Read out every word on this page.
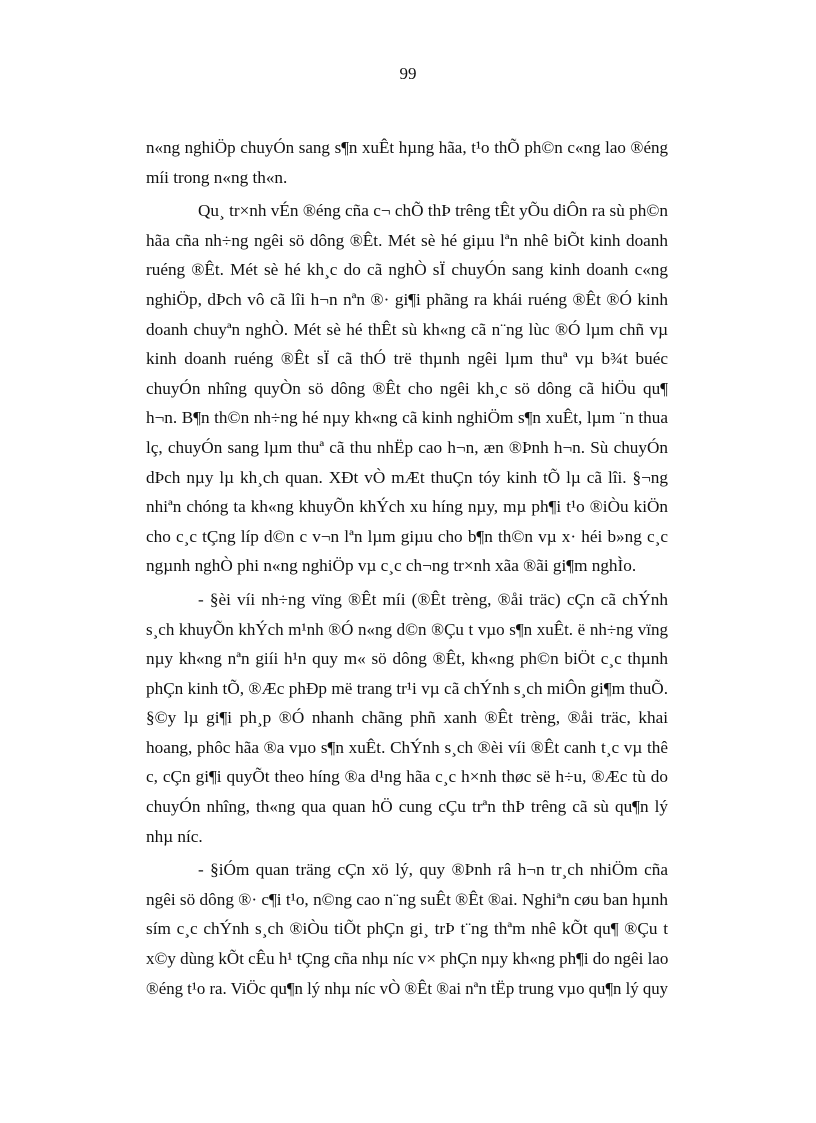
99
n«ng nghiÖp chuyÓn sang s¶n xuÊt hµng hãa, t¹o thÕ ph©n c«ng lao ®éng
míi trong n«ng th«n.
Qu¸ tr×nh vÉn ®éng cña c¬ chÕ thÞ trêng tÊt yÕu diÔn ra sù ph©n
hãa cña nh÷ng ngêi sö dông ®Êt. Mét sè hé giµu lªn nhê biÕt kinh doanh
ruéng ®Êt. Mét sè hé kh¸c do cã nghÒ sÏ chuyÓn sang kinh doanh c«ng
nghiÖp, dÞch vô cã lîi h¬n nªn ®· gi¶i phãng ra khái ruéng ®Êt ®Ó kinh
doanh chuyªn nghÒ. Mét sè hé thÊt sù kh«ng cã n¨ng lùc ®Ó lµm chñ vµ
kinh doanh ruéng ®Êt sÏ cã thÓ trë thµnh ngêi lµm thuª vµ b¾t buéc
chuyÓn nhîng quyÒn sö dông ®Êt cho ngêi kh¸c sö dông cã hiÖu qu¶
h¬n. B¶n th©n nh÷ng hé nµy kh«ng cã kinh nghiÖm s¶n xuÊt, lµm ¨n thua
lç, chuyÓn sang lµm thuª cã thu nhËp cao h¬n, æn ®Þnh h¬n. Sù chuyÓn
dÞch nµy lµ kh¸ch quan. XÐt vÒ mÆt thuÇn tóy kinh tÕ lµ cã lîi. §¬ng
nhiªn chóng ta kh«ng khuyÕn khÝch xu híng nµy, mµ ph¶i t¹o ®iÒu kiÖn
cho c¸c tÇng líp d©n c v¬n lªn lµm giµu cho b¶n th©n vµ x· héi b»ng c¸c
ngµnh nghÒ phi n«ng nghiÖp vµ c¸c ch¬ng tr×nh xãa ®ãi gi¶m nghÌo.
- §èi víi nh÷ng vïng ®Êt míi (®Êt trèng, ®åi träc) cÇn cã chÝnh
s¸ch khuyÕn khÝch m¹nh ®Ó n«ng d©n ®Çu t vµo s¶n xuÊt. ë nh÷ng vïng
nµy kh«ng nªn giíi h¹n quy m« sö dông ®Êt, kh«ng ph©n biÖt c¸c thµnh
phÇn kinh tÕ, ®Æc phÐp më trang tr¹i vµ cã chÝnh s¸ch miÔn gi¶m thuÕ.
§©y lµ gi¶i ph¸p ®Ó nhanh chãng phñ xanh ®Êt trèng, ®åi träc, khai
hoang, phôc hãa ®a vµo s¶n xuÊt. ChÝnh s¸ch ®èi víi ®Êt canh t¸c vµ thê
c, cÇn gi¶i quyÕt theo híng ®a d¹ng hãa c¸c h×nh thøc së h÷u, ®Æc tù do
chuyÓn nhîng, th«ng qua quan hÖ cung cÇu trªn thÞ trêng cã sù qu¶n lý
nhµ níc.
- §iÓm quan träng cÇn xö lý, quy ®Þnh râ h¬n tr¸ch nhiÖm cña
ngêi sö dông ®· c¶i t¹o, n©ng cao n¨ng suÊt ®Êt ®ai. Nghiªn cøu ban hµnh
sím c¸c chÝnh s¸ch ®iÒu tiÕt phÇn gi¸ trÞ t¨ng thªm nhê kÕt qu¶ ®Çu t
x©y dùng kÕt cÊu h¹ tÇng cña nhµ níc v× phÇn nµy kh«ng ph¶i do ngêi lao
®éng t¹o ra. ViÖc qu¶n lý nhµ níc vÒ ®Êt ®ai nªn tËp trung vµo qu¶n lý quy
